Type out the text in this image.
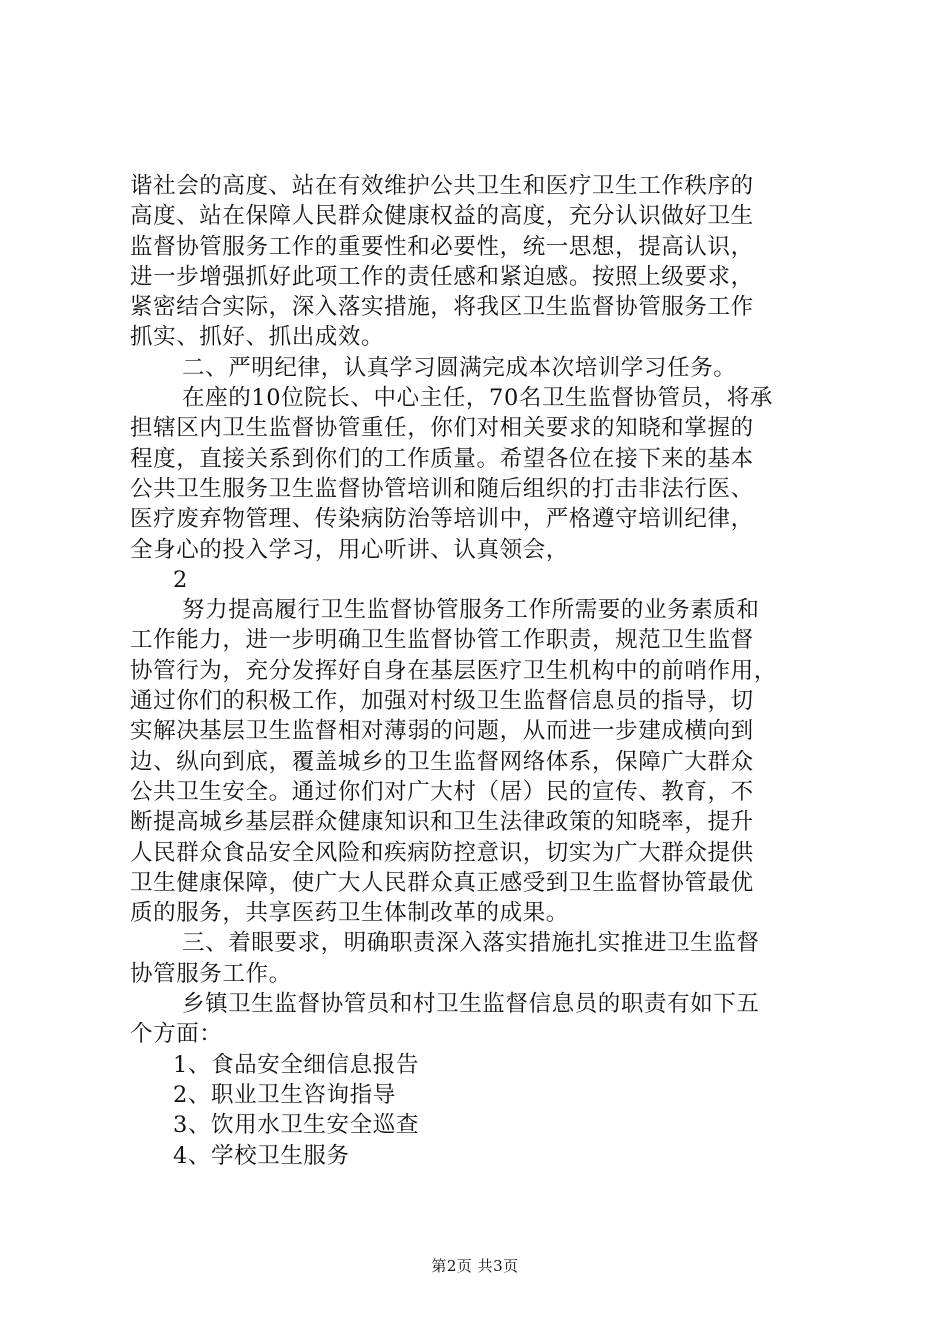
谐社会的高度、站在有效维护公共卫生和医疗卫生工作秩序的
高度、站在保障人民群众健康权益的高度，充分认识做好卫生
监督协管服务工作的重要性和必要性，统一思想，提高认识，
进一步增强抓好此项工作的责任感和紧迫感。按照上级要求，
紧密结合实际，深入落实措施，将我区卫生监督协管服务工作
抓实、抓好、抓出成效。
二、严明纪律，认真学习圆满完成本次培训学习任务。
在座的10位院长、中心主任，70名卫生监督协管员，将承
担辖区内卫生监督协管重任，你们对相关要求的知晓和掌握的
程度，直接关系到你们的工作质量。希望各位在接下来的基本
公共卫生服务卫生监督协管培训和随后组织的打击非法行医、
医疗废弃物管理、传染病防治等培训中，严格遵守培训纪律，
全身心的投入学习，用心听讲、认真领会，
2
努力提高履行卫生监督协管服务工作所需要的业务素质和
工作能力，进一步明确卫生监督协管工作职责，规范卫生监督
协管行为，充分发挥好自身在基层医疗卫生机构中的前哨作用，
通过你们的积极工作，加强对村级卫生监督信息员的指导，切
实解决基层卫生监督相对薄弱的问题，从而进一步建成横向到
边、纵向到底，覆盖城乡的卫生监督网络体系，保障广大群众
公共卫生安全。通过你们对广大村（居）民的宣传、教育，不
断提高城乡基层群众健康知识和卫生法律政策的知晓率，提升
人民群众食品安全风险和疾病防控意识，切实为广大群众提供
卫生健康保障，使广大人民群众真正感受到卫生监督协管最优
质的服务，共享医药卫生体制改革的成果。
三、着眼要求，明确职责深入落实措施扎实推进卫生监督
协管服务工作。
乡镇卫生监督协管员和村卫生监督信息员的职责有如下五
个方面：
1、食品安全细信息报告
2、职业卫生咨询指导
3、饮用水卫生安全巡查
4、学校卫生服务
第2页 共3页
